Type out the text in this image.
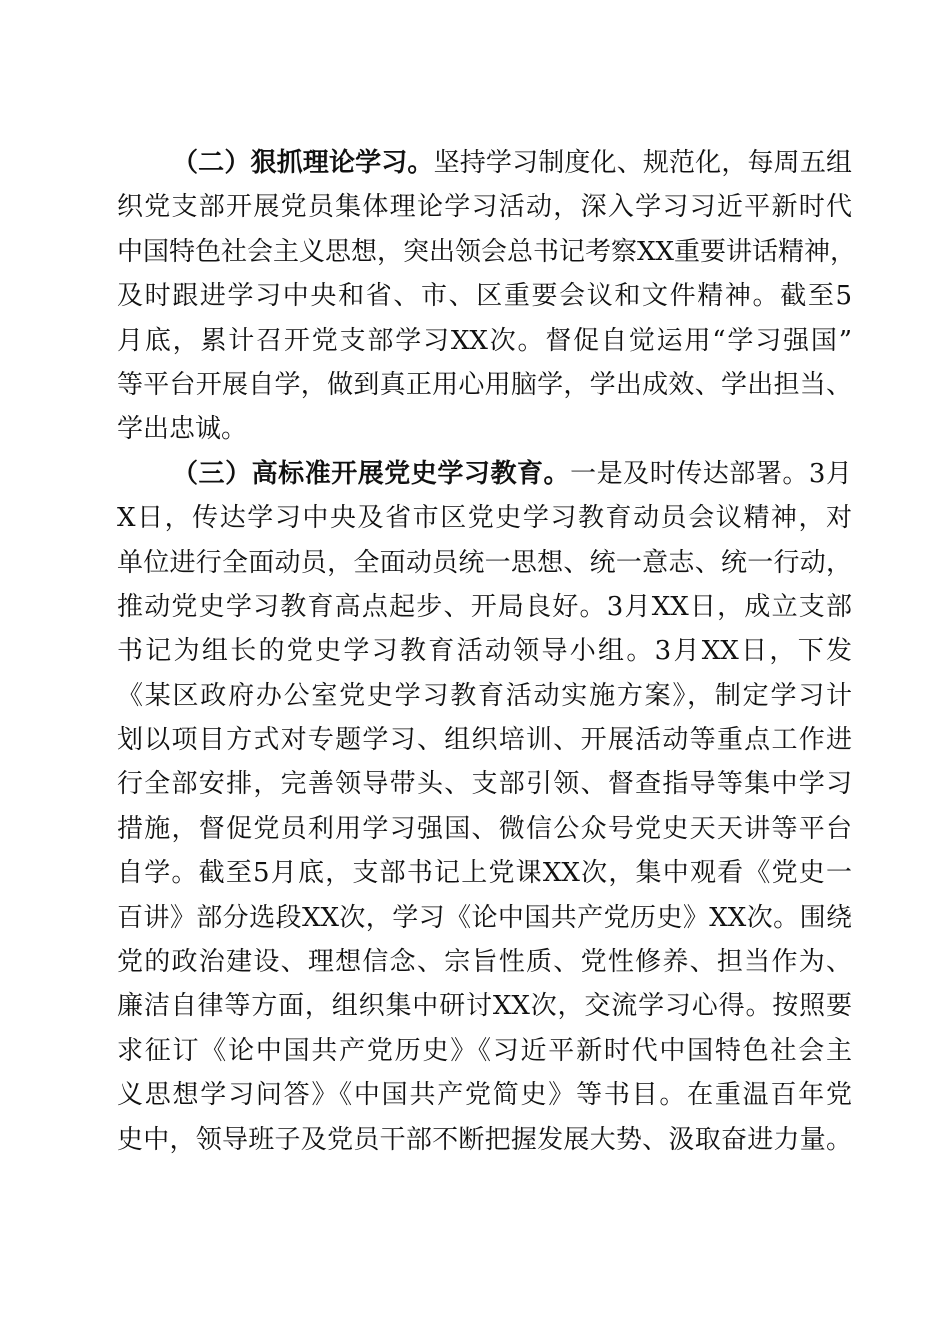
（二）狠抓理论学习。坚持学习制度化、规范化，每周五组
织党支部开展党员集体理论学习活动，深入学习习近平新时代
中国特色社会主义思想，突出领会总书记考察XX重要讲话精神，
及时跟进学习中央和省、市、区重要会议和文件精神。截至5
月底，累计召开党支部学习XX次。督促自觉运用“学习强国”
等平台开展自学，做到真正用心用脑学，学出成效、学出担当、
学出忠诚。
（三）高标准开展党史学习教育。一是及时传达部署。3月
X日，传达学习中央及省市区党史学习教育动员会议精神，对
单位进行全面动员，全面动员统一思想、统一意志、统一行动，
推动党史学习教育高点起步、开局良好。3月XX日，成立支部
书记为组长的党史学习教育活动领导小组。3月XX日，下发
《某区政府办公室党史学习教育活动实施方案》，制定学习计
划以项目方式对专题学习、组织培训、开展活动等重点工作进
行全部安排，完善领导带头、支部引领、督查指导等集中学习
措施，督促党员利用学习强国、微信公众号党史天天讲等平台
自学。截至5月底，支部书记上党课XX次，集中观看《党史一
百讲》部分选段XX次，学习《论中国共产党历史》XX次。围绕
党的政治建设、理想信念、宗旨性质、党性修养、担当作为、
廉洁自律等方面，组织集中研讨XX次，交流学习心得。按照要
求征订《论中国共产党历史》《习近平新时代中国特色社会主
义思想学习问答》《中国共产党简史》等书目。在重温百年党
史中，领导班子及党员干部不断把握发展大势、汲取奋进力量。
